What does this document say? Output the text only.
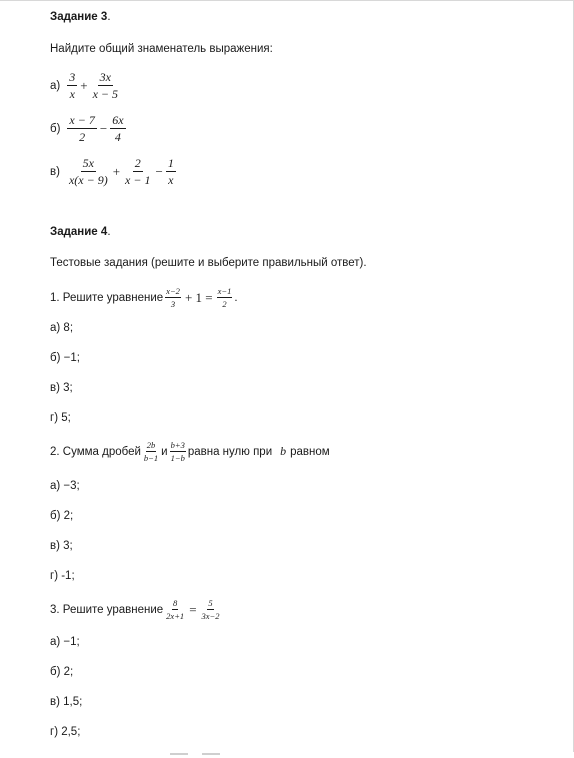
Задание 3.
Найдите общий знаменатель выражения:
$а) \frac{3}{x} + \frac{3x}{x - 5}$
$б) \frac{x - 7}{2} - \frac{6x}{4}$
$в) \frac{5x}{x(x - 9)} + \frac{2}{x - 1} - \frac{1}{x}$
Задание 4.
Тестовые задания (решите и выберите правильный ответ).
1. Решите уравнение $\frac{x-2}{3} + 1 = \frac{x-1}{2}$ .
а) 8;
б) −1;
в) 3;
г) 5;
2. Сумма дробей $\frac{2b}{b-1}$ и $\frac{b+3}{1-b}$ равна нулю при b равном
а) −3;
б) 2;
в) 3;
г) -1;
3. Решите уравнение $\frac{8}{2x+1} = \frac{5}{3x-2}$
а) −1;
б) 2;
в) 1,5;
г) 2,5;
